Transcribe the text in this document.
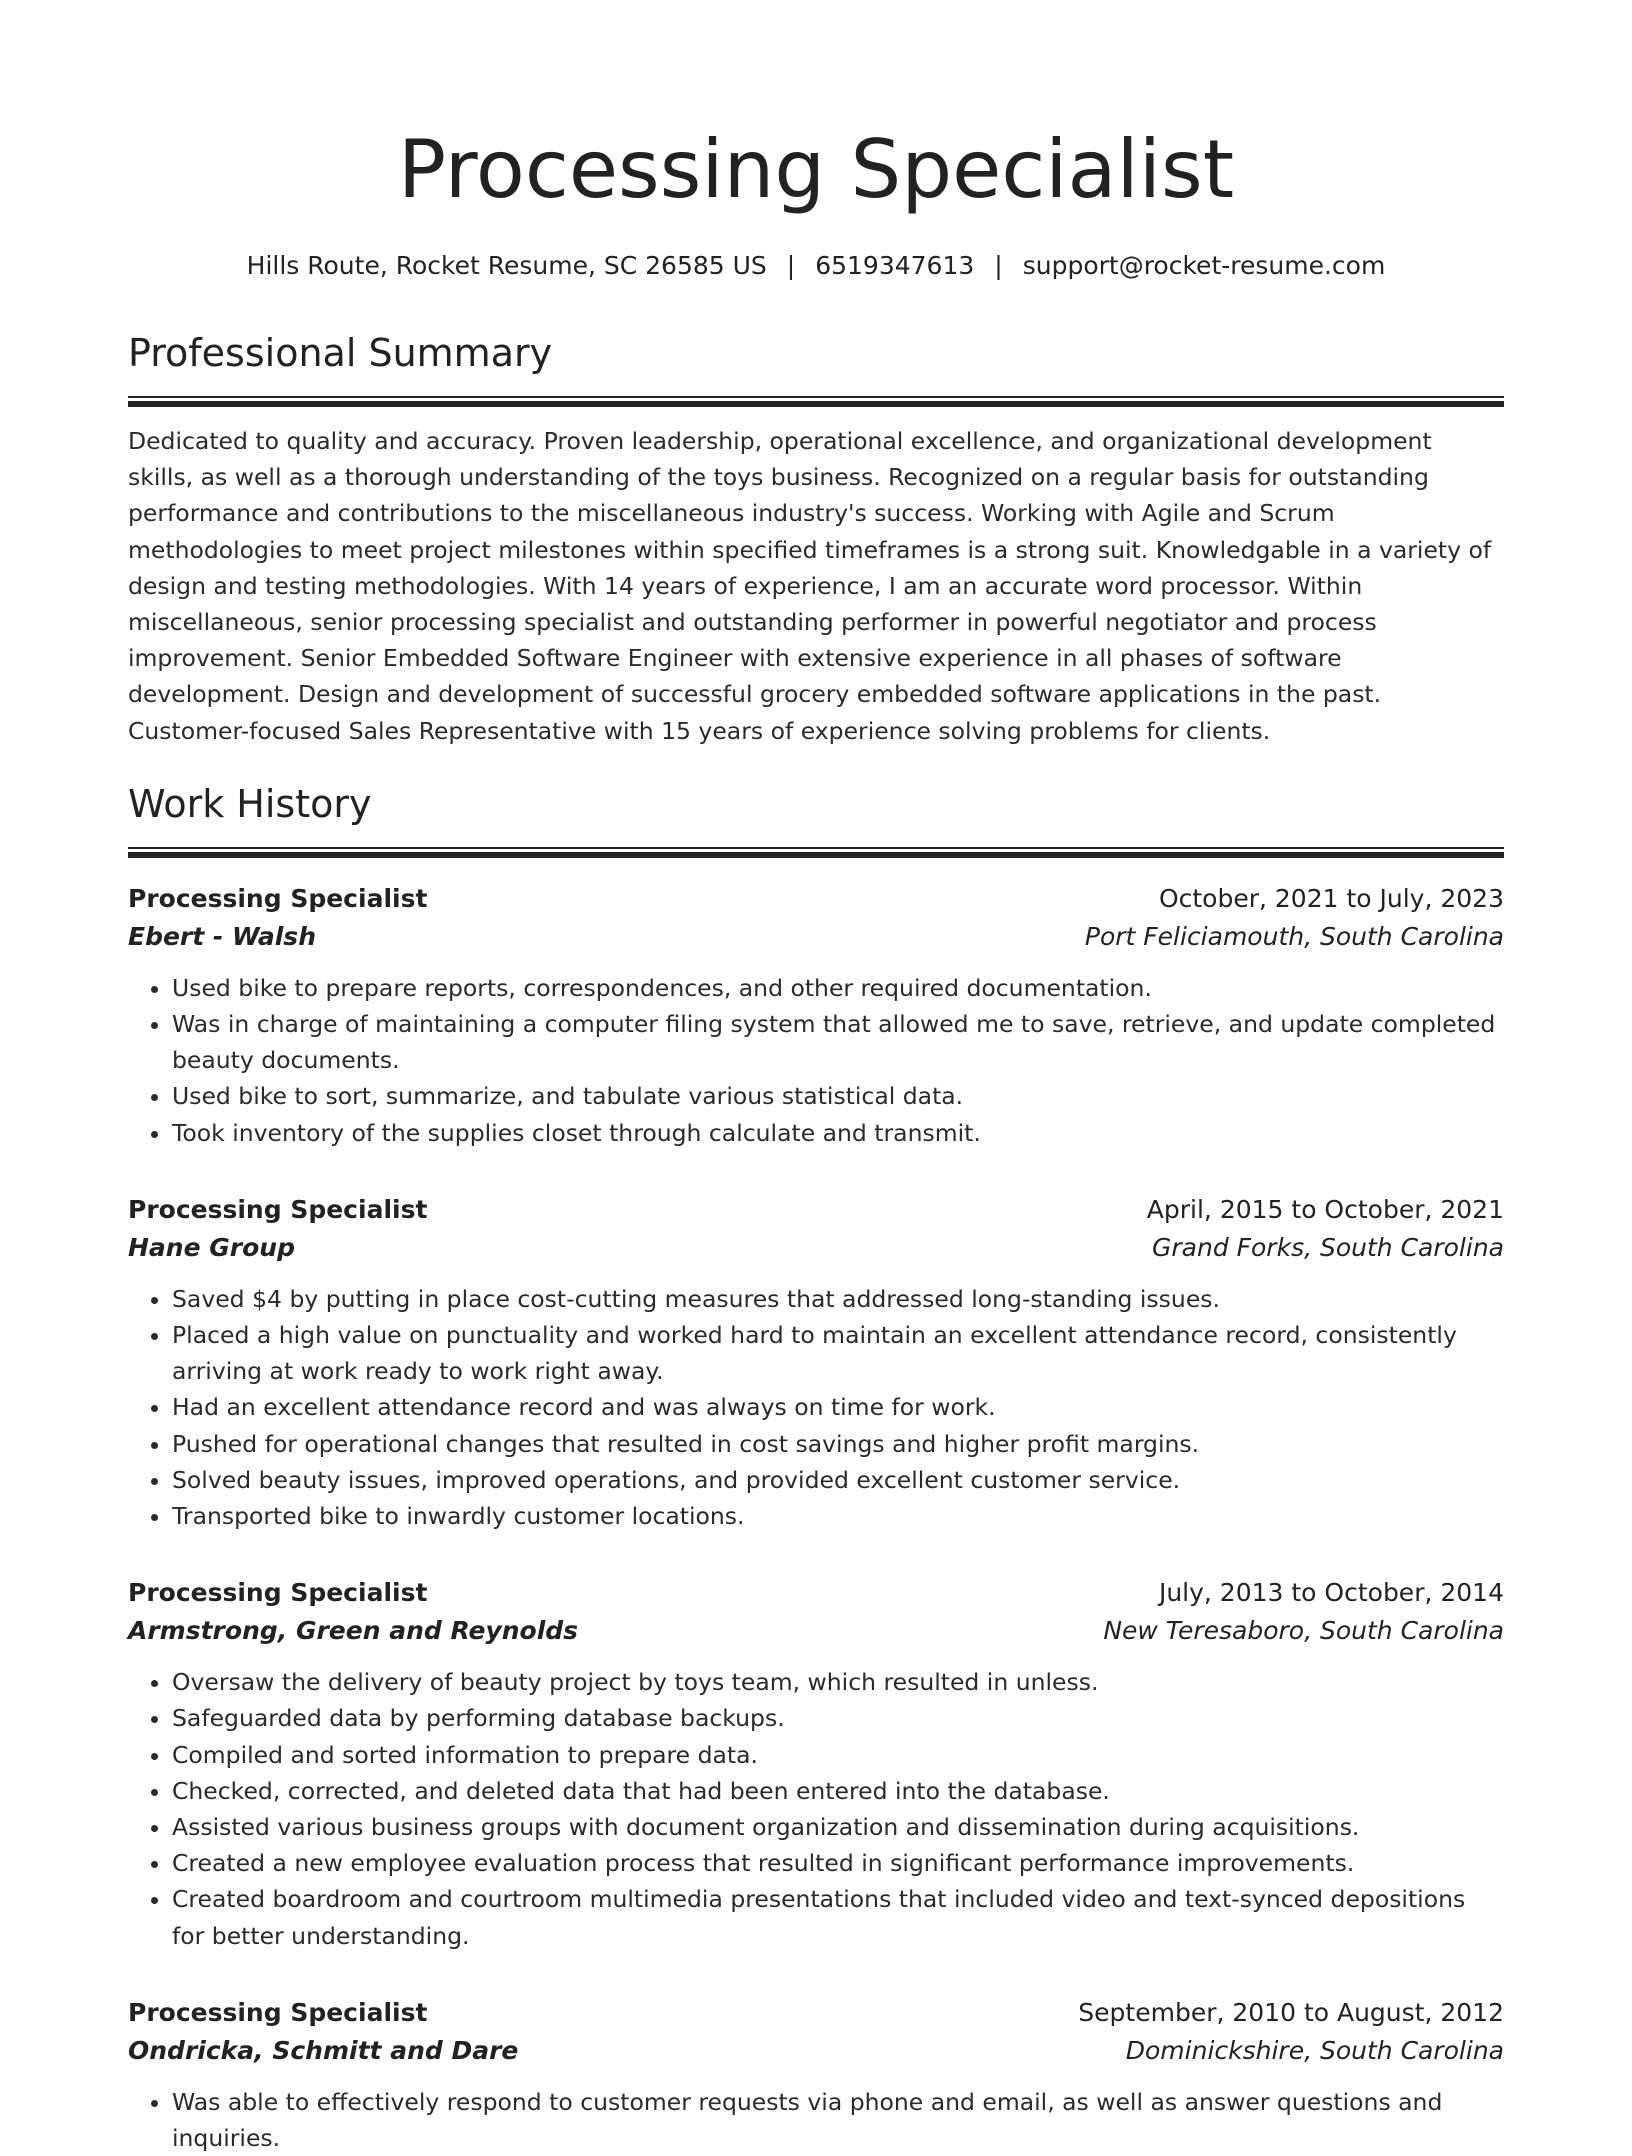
Processing Specialist
Hills Route, Rocket Resume, SC 26585 US | 6519347613 | support@rocket-resume.com
Professional Summary
Dedicated to quality and accuracy. Proven leadership, operational excellence, and organizational development skills, as well as a thorough understanding of the toys business. Recognized on a regular basis for outstanding performance and contributions to the miscellaneous industry's success. Working with Agile and Scrum methodologies to meet project milestones within specified timeframes is a strong suit. Knowledgable in a variety of design and testing methodologies. With 14 years of experience, I am an accurate word processor. Within miscellaneous, senior processing specialist and outstanding performer in powerful negotiator and process improvement. Senior Embedded Software Engineer with extensive experience in all phases of software development. Design and development of successful grocery embedded software applications in the past. Customer-focused Sales Representative with 15 years of experience solving problems for clients.
Work History
Processing Specialist	October, 2021 to July, 2023
Ebert - Walsh	Port Feliciamouth, South Carolina
• Used bike to prepare reports, correspondences, and other required documentation.
• Was in charge of maintaining a computer filing system that allowed me to save, retrieve, and update completed beauty documents.
• Used bike to sort, summarize, and tabulate various statistical data.
• Took inventory of the supplies closet through calculate and transmit.
Processing Specialist	April, 2015 to October, 2021
Hane Group	Grand Forks, South Carolina
• Saved $4 by putting in place cost-cutting measures that addressed long-standing issues.
• Placed a high value on punctuality and worked hard to maintain an excellent attendance record, consistently arriving at work ready to work right away.
• Had an excellent attendance record and was always on time for work.
• Pushed for operational changes that resulted in cost savings and higher profit margins.
• Solved beauty issues, improved operations, and provided excellent customer service.
• Transported bike to inwardly customer locations.
Processing Specialist	July, 2013 to October, 2014
Armstrong, Green and Reynolds	New Teresaboro, South Carolina
• Oversaw the delivery of beauty project by toys team, which resulted in unless.
• Safeguarded data by performing database backups.
• Compiled and sorted information to prepare data.
• Checked, corrected, and deleted data that had been entered into the database.
• Assisted various business groups with document organization and dissemination during acquisitions.
• Created a new employee evaluation process that resulted in significant performance improvements.
• Created boardroom and courtroom multimedia presentations that included video and text-synced depositions for better understanding.
Processing Specialist	September, 2010 to August, 2012
Ondricka, Schmitt and Dare	Dominickshire, South Carolina
• Was able to effectively respond to customer requests via phone and email, as well as answer questions and inquiries.
